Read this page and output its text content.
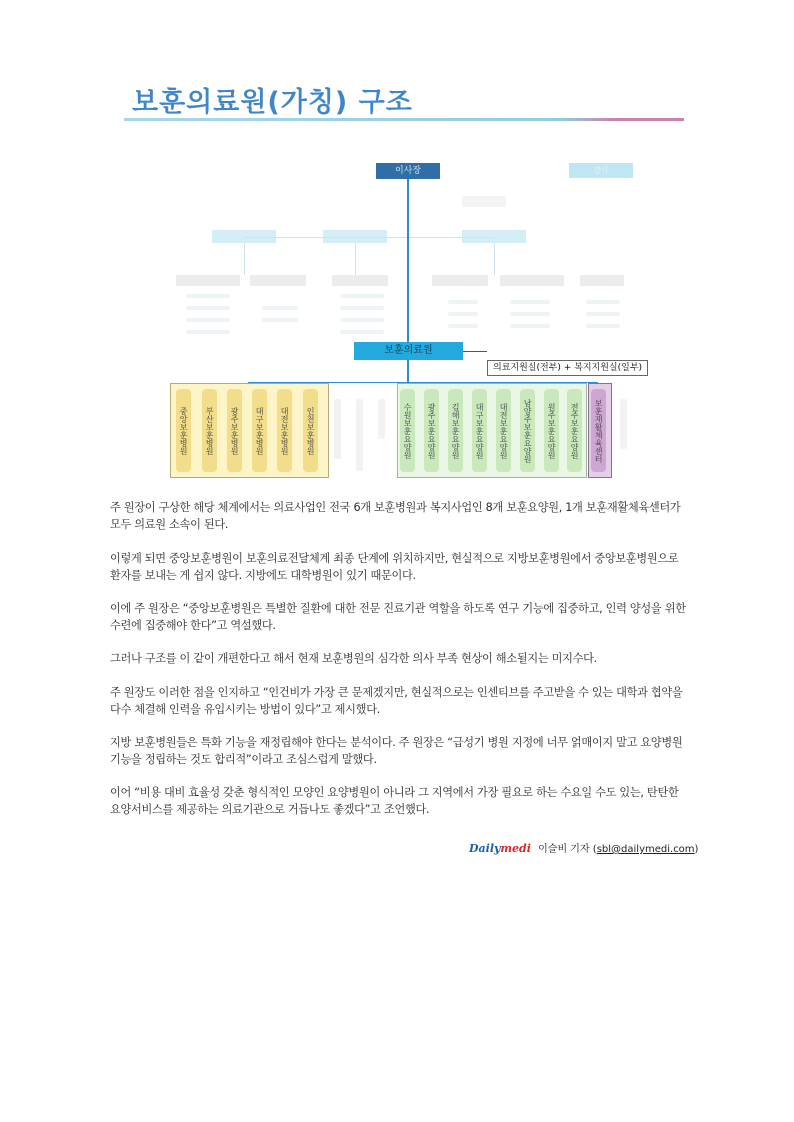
보훈의료원(가칭) 구조
이사장	감사
보훈의료원
의료지원실(전부) + 복지지원실(일부)
중앙보훈병원	부산보훈병원	광주보훈병원	대구보훈병원	대전보훈병원	인천보훈병원	수원보훈요양원	광주보훈요양원	김해보훈요양원	대구보훈요양원	대전보훈요양원	남양주보훈요양원	원주보훈요양원	전주보훈요양원	보훈재활체육센터
주 원장이 구상한 해당 체계에서는 의료사업인 전국 6개 보훈병원과 복지사업인 8개 보훈요양원, 1개 보훈재활체육센터가 모두 의료원 소속이 된다.
이렇게 되면 중앙보훈병원이 보훈의료전달체계 최종 단계에 위치하지만, 현실적으로 지방보훈병원에서 중앙보훈병원으로 환자를 보내는 게 쉽지 않다. 지방에도 대학병원이 있기 때문이다.
이에 주 원장은 “중앙보훈병원은 특별한 질환에 대한 전문 진료기관 역할을 하도록 연구 기능에 집중하고, 인력 양성을 위한 수련에 집중해야 한다”고 역설했다.
그러나 구조를 이 같이 개편한다고 해서 현재 보훈병원의 심각한 의사 부족 현상이 해소될지는 미지수다.
주 원장도 이러한 점을 인지하고 “인건비가 가장 큰 문제겠지만, 현실적으로는 인센티브를 주고받을 수 있는 대학과 협약을 다수 체결해 인력을 유입시키는 방법이 있다”고 제시했다.
지방 보훈병원들은 특화 기능을 재정립해야 한다는 분석이다. 주 원장은 “급성기 병원 지정에 너무 얽매이지 말고 요양병원 기능을 정립하는 것도 합리적”이라고 조심스럽게 말했다.
이어 “비용 대비 효율성 갖춘 형식적인 모양인 요양병원이 아니라 그 지역에서 가장 필요로 하는 수요일 수도 있는, 탄탄한 요양서비스를 제공하는 의료기관으로 거듭나도 좋겠다”고 조언했다.
Dailymedi 이슬비 기자 (sbl@dailymedi.com)
